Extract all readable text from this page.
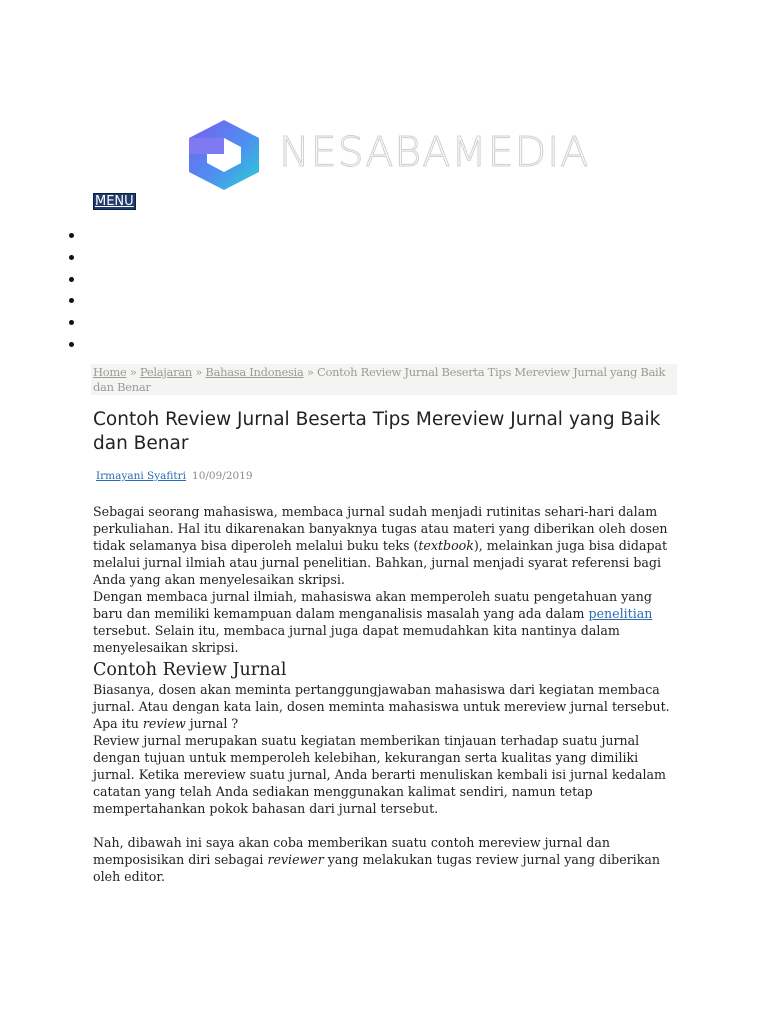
NESABAMEDIA
MENU
Home » Pelajaran » Bahasa Indonesia » Contoh Review Jurnal Beserta Tips Mereview Jurnal yang Baik dan Benar
Contoh Review Jurnal Beserta Tips Mereview Jurnal yang Baik dan Benar
Irmayani Syafitri 10/09/2019

Sebagai seorang mahasiswa, membaca jurnal sudah menjadi rutinitas sehari-hari dalam perkuliahan. Hal itu dikarenakan banyaknya tugas atau materi yang diberikan oleh dosen tidak selamanya bisa diperoleh melalui buku teks (textbook), melainkan juga bisa didapat melalui jurnal ilmiah atau jurnal penelitian. Bahkan, jurnal menjadi syarat referensi bagi Anda yang akan menyelesaikan skripsi.

Dengan membaca jurnal ilmiah, mahasiswa akan memperoleh suatu pengetahuan yang baru dan memiliki kemampuan dalam menganalisis masalah yang ada dalam penelitian tersebut. Selain itu, membaca jurnal juga dapat memudahkan kita nantinya dalam menyelesaikan skripsi.

Contoh Review Jurnal

Biasanya, dosen akan meminta pertanggungjawaban mahasiswa dari kegiatan membaca jurnal. Atau dengan kata lain, dosen meminta mahasiswa untuk mereview jurnal tersebut. Apa itu review jurnal ?

Review jurnal merupakan suatu kegiatan memberikan tinjauan terhadap suatu jurnal dengan tujuan untuk memperoleh kelebihan, kekurangan serta kualitas yang dimiliki jurnal. Ketika mereview suatu jurnal, Anda berarti menuliskan kembali isi jurnal kedalam catatan yang telah Anda sediakan menggunakan kalimat sendiri, namun tetap mempertahankan pokok bahasan dari jurnal tersebut.

Nah, dibawah ini saya akan coba memberikan suatu contoh mereview jurnal dan memposisikan diri sebagai reviewer yang melakukan tugas review jurnal yang diberikan oleh editor.
